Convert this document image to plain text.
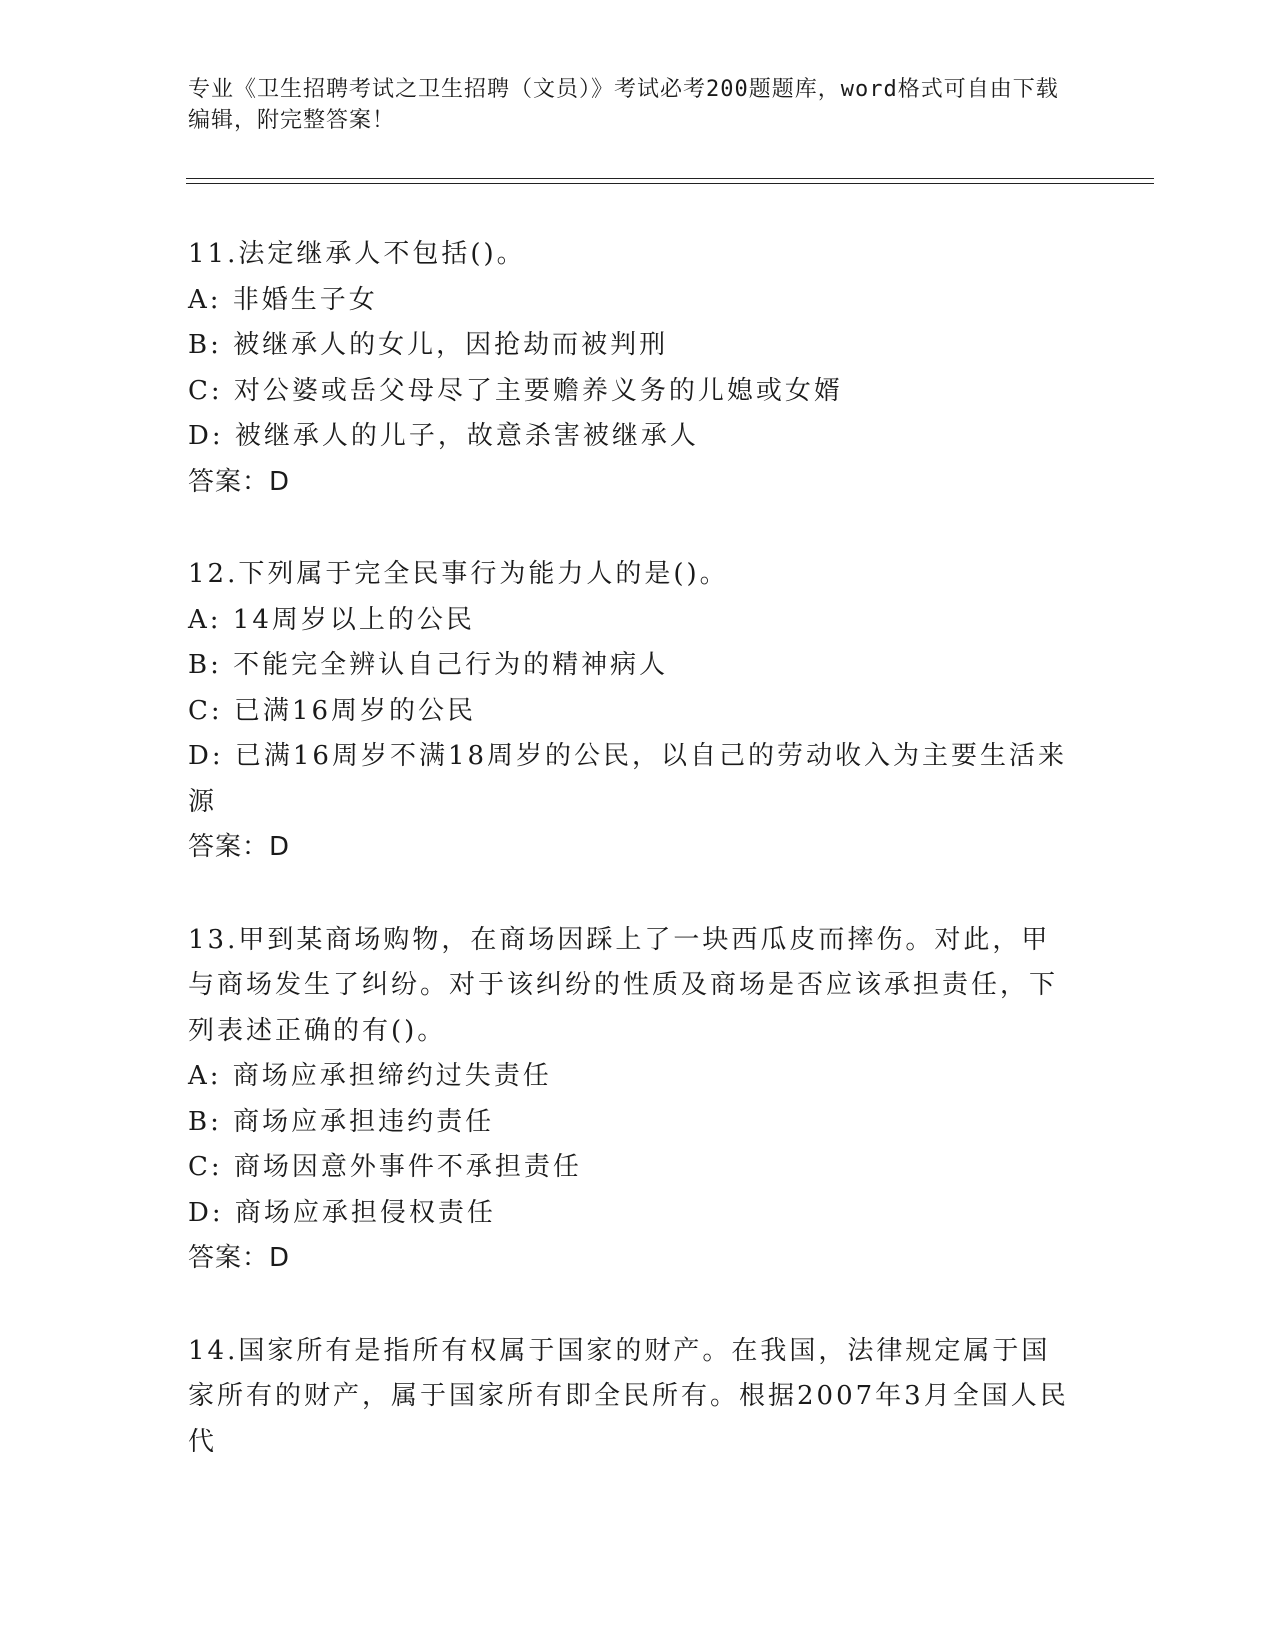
专业《卫生招聘考试之卫生招聘（文员）》考试必考200题题库，word格式可自由下载编辑，附完整答案！
11.法定继承人不包括()。
A: 非婚生子女
B: 被继承人的女儿，因抢劫而被判刑
C: 对公婆或岳父母尽了主要赡养义务的儿媳或女婿
D: 被继承人的儿子，故意杀害被继承人
答案：D
12.下列属于完全民事行为能力人的是()。
A: 14周岁以上的公民
B: 不能完全辨认自己行为的精神病人
C: 已满16周岁的公民
D: 已满16周岁不满18周岁的公民，以自己的劳动收入为主要生活来源
答案：D
13.甲到某商场购物，在商场因踩上了一块西瓜皮而摔伤。对此，甲与商场发生了纠纷。对于该纠纷的性质及商场是否应该承担责任，下列表述正确的有()。
A: 商场应承担缔约过失责任
B: 商场应承担违约责任
C: 商场因意外事件不承担责任
D: 商场应承担侵权责任
答案：D
14.国家所有是指所有权属于国家的财产。在我国，法律规定属于国家所有的财产，属于国家所有即全民所有。根据2007年3月全国人民代
